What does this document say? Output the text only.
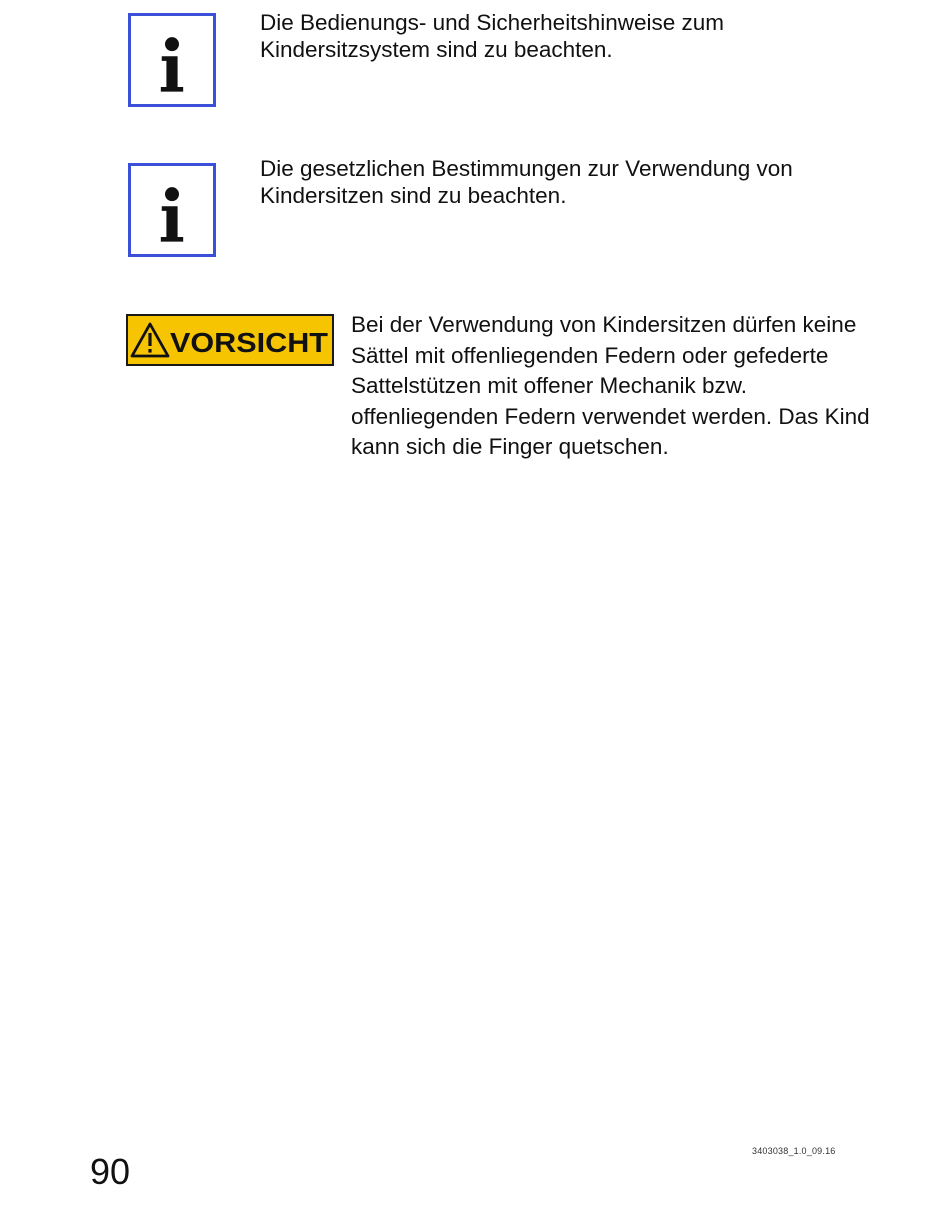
Die Bedienungs- und Sicherheitshinweise zum Kindersitzsystem sind zu beachten.
Die gesetzlichen Bestimmungen zur Verwendung von Kindersitzen sind zu beachten.
VORSICHT
Bei der Verwendung von Kindersitzen dürfen keine Sättel mit offenliegenden Federn oder gefederte Sattelstützen mit offener Mechanik bzw. offenliegenden Federn verwendet werden. Das Kind kann sich die Finger quetschen.
90	3403038_1.0_09.16
